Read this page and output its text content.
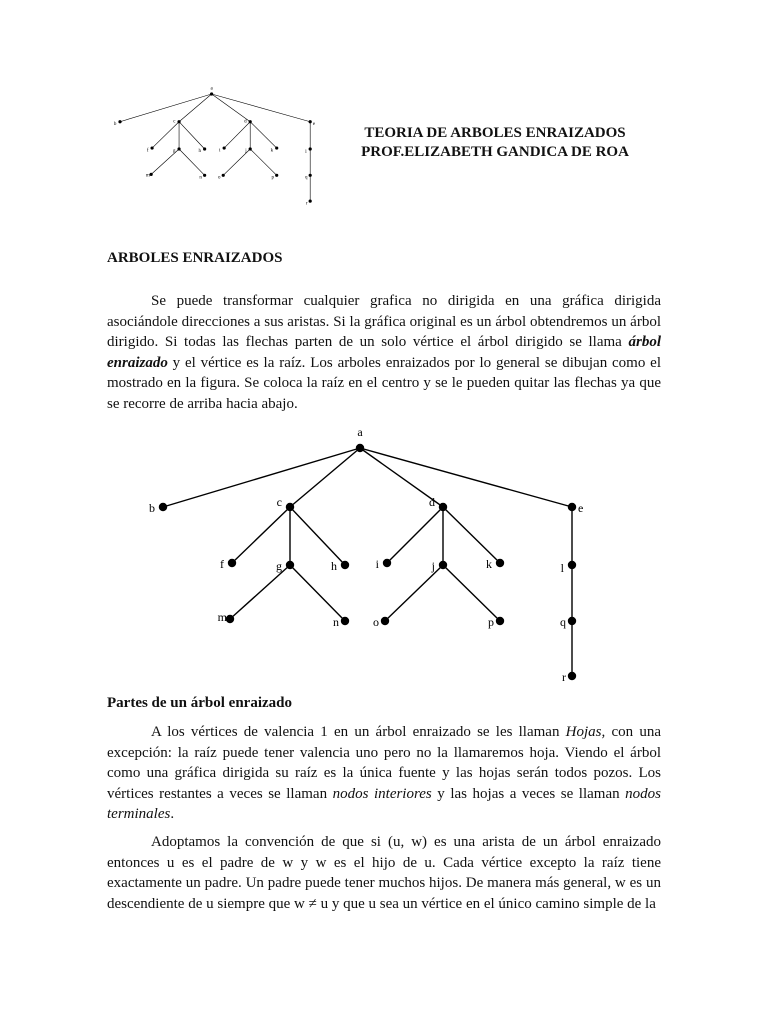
a
b
c	d
e
f	g	h	i	j	k	l
m	n	o	p	q
r
TEORIA DE ARBOLES ENRAIZADOS
PROF.ELIZABETH GANDICA DE ROA
ARBOLES ENRAIZADOS
Se puede transformar cualquier grafica no dirigida en una gráfica dirigida asociándole direcciones a sus aristas. Si la gráfica original es un árbol obtendremos un árbol dirigido. Si todas las flechas parten de un solo vértice el árbol dirigido se llama árbol enraizado y el vértice es la raíz. Los arboles enraizados por lo general se dibujan como el mostrado en la figura. Se coloca la raíz en el centro y se le pueden quitar las flechas ya que se recorre de arriba hacia abajo.
a
b	c	d	e
f	g	h	i	j	k	l
m	n	o	p	q
r
Partes de un árbol enraizado
A los vértices de valencia 1 en un árbol enraizado se les llaman Hojas, con una excepción: la raíz puede tener valencia uno pero no la llamaremos hoja. Viendo el árbol como una gráfica dirigida su raíz es la única fuente y las hojas serán todos pozos. Los vértices restantes a veces se llaman nodos interiores y las hojas a veces se llaman nodos terminales.
Adoptamos la convención de que si (u, w) es una arista de un árbol enraizado entonces u es el padre de w y w es el hijo de u. Cada vértice excepto la raíz tiene exactamente un padre. Un padre puede tener muchos hijos. De manera más general, w es un descendiente de u siempre que w ≠ u y que u sea un vértice en el único camino simple de la
